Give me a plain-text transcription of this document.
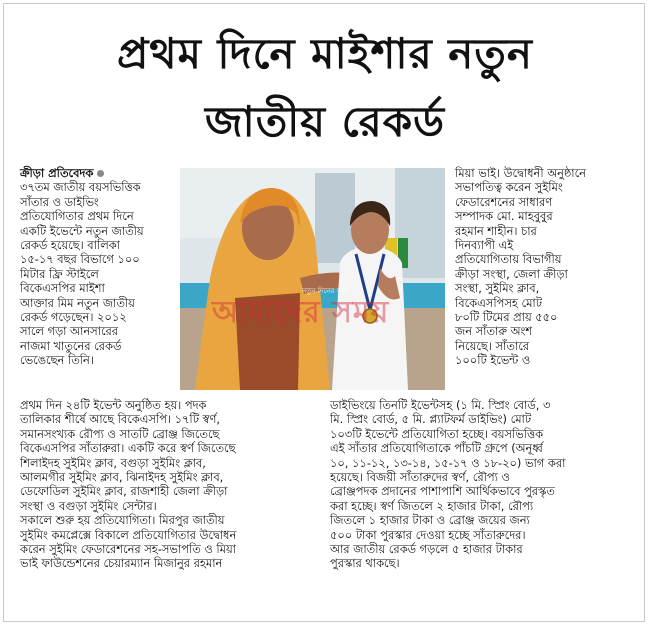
প্রথম দিনে মাইশার নতুন
জাতীয় রেকর্ড
ক্রীড়া প্রতিবেদক
৩৭তম জাতীয় বয়সভিত্তিক
সাঁতার ও ডাইভিং
প্রতিযোগিতার প্রথম দিনে
একটি ইভেন্টে নতুন জাতীয়
রেকর্ড হয়েছে। বালিকা
১৫-১৭ বছর বিভাগে ১০০
মিটার ফ্রি স্টাইলে
বিকেএসপির মাইশা
আক্তার মিম নতুন জাতীয়
রেকর্ড গড়েছেন। ২০১২
সালে গড়া আনসারের
নাজমা খাতুনের রেকর্ড
ভেঙেছেন তিনি।
আমাদের সময়
নতুন দিনের কথা
মিয়া ভাই। উদ্বোধনী অনুষ্ঠানে
সভাপতিত্ব করেন সুইমিং
ফেডারেশনের সাধারণ
সম্পাদক মো. মাহবুবুর
রহমান শাহীন। চার
দিনব্যাপী এই
প্রতিযোগিতায় বিভাগীয়
ক্রীড়া সংস্থা, জেলা ক্রীড়া
সংস্থা, সুইমিং ক্লাব,
বিকেএসপিসহ মোট
৮০টি টিমের প্রায় ৫৫০
জন সাঁতারু অংশ
নিয়েছে। সাঁতারে
১০০টি ইভেন্ট ও
প্রথম দিন ২৪টি ইভেন্ট অনুষ্ঠিত হয়। পদক
তালিকার শীর্ষে আছে বিকেএসপি। ১৭টি স্বর্ণ,
সমানসংখ্যক রৌপ্য ও সাতটি ব্রোঞ্জ জিতেছে
বিকেএসপির সাঁতারুরা। একটি করে স্বর্ণ জিতেছে
শিলাইদহ সুইমিং ক্লাব, বগুড়া সুইমিং ক্লাব,
আলমগীর সুইমিং ক্লাব, ঝিনাইদহ সুইমিং ক্লাব,
ডেফোডিল সুইমিং ক্লাব, রাজশাহী জেলা ক্রীড়া
সংস্থা ও বগুড়া সুইমিং সেন্টার।
সকালে শুরু হয় প্রতিযোগিতা। মিরপুর জাতীয়
সুইমিং কমপ্লেক্সে বিকালে প্রতিযোগিতার উদ্বোধন
করেন সুইমিং ফেডারেশনের সহ-সভাপতি ও মিয়া
ভাই ফাউন্ডেশনের চেয়ারম্যান মিজানুর রহমান
ডাইভিংয়ে তিনটি ইভেন্টসহ (১ মি. স্প্রিং বোর্ড, ৩
মি. স্প্রিং বোর্ড, ৫ মি. প্ল্যাটফর্ম ডাইভিং) মোট
১০৩টি ইভেন্টে প্রতিযোগিতা হচ্ছে। বয়সভিত্তিক
এই সাঁতার প্রতিযোগিতাকে পাঁচটি গ্রুপে (অনূর্ধ্ব
১০, ১১-১২, ১৩-১৪, ১৫-১৭ ও ১৮-২০) ভাগ করা
হয়েছে। বিজয়ী সাঁতারুদের স্বর্ণ, রৌপ্য ও
ব্রোঞ্জপদক প্রদানের পাশাপাশি আর্থিকভাবে পুরস্কৃত
করা হচ্ছে। স্বর্ণ জিতলে ২ হাজার টাকা, রৌপ্য
জিতলে ১ হাজার টাকা ও ব্রোঞ্জ জয়ের জন্য
৫০০ টাকা পুরস্কার দেওয়া হচ্ছে সাঁতারুদের।
আর জাতীয় রেকর্ড গড়লে ৫ হাজার টাকার
পুরস্কার থাকছে।
